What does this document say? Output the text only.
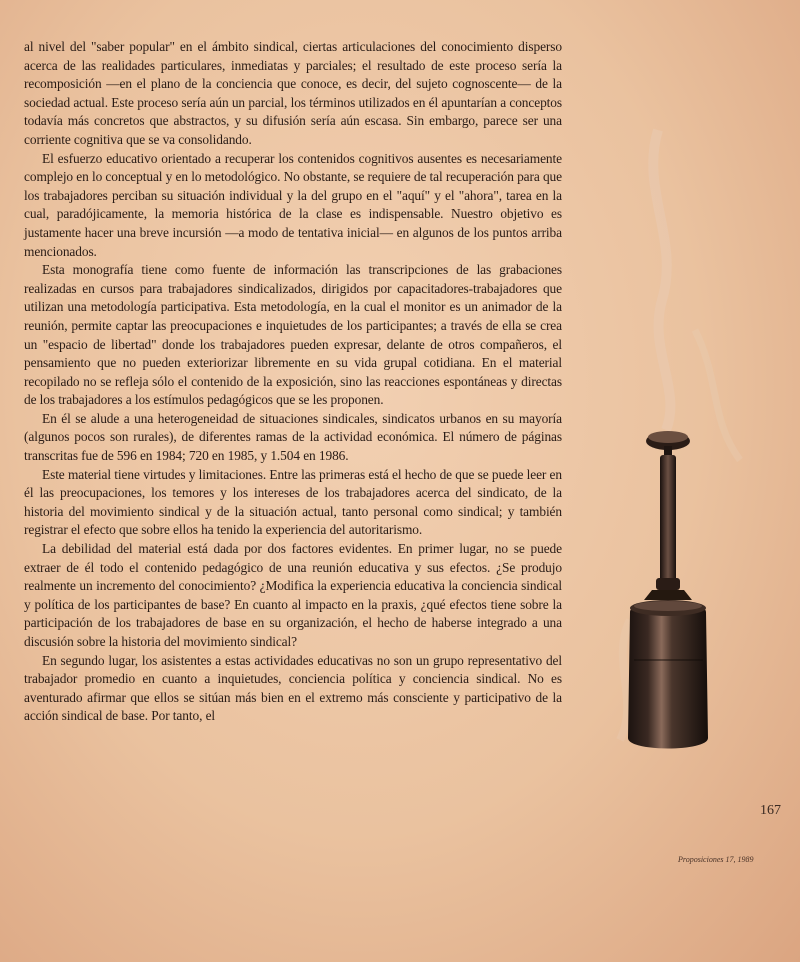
al nivel del "saber popular" en el ámbito sindical, ciertas articulaciones del conocimiento disperso acerca de las realidades particulares, inmediatas y parciales; el resultado de este proceso sería la recomposición —en el plano de la conciencia que conoce, es decir, del sujeto cognoscente— de la sociedad actual. Este proceso sería aún un parcial, los términos utilizados en él apuntarían a conceptos todavía más concretos que abstractos, y su difusión sería aún escasa. Sin embargo, parece ser una corriente cognitiva que se va consolidando.

El esfuerzo educativo orientado a recuperar los contenidos cognitivos ausentes es necesariamente complejo en lo conceptual y en lo metodológico. No obstante, se requiere de tal recuperación para que los trabajadores perciban su situación individual y la del grupo en el "aquí" y el "ahora", tarea en la cual, paradójicamente, la memoria histórica de la clase es indispensable. Nuestro objetivo es justamente hacer una breve incursión —a modo de tentativa inicial— en algunos de los puntos arriba mencionados.

Esta monografía tiene como fuente de información las transcripciones de las grabaciones realizadas en cursos para trabajadores sindicalizados, dirigidos por capacitadores-trabajadores que utilizan una metodología participativa. Esta metodología, en la cual el monitor es un animador de la reunión, permite captar las preocupaciones e inquietudes de los participantes; a través de ella se crea un "espacio de libertad" donde los trabajadores pueden expresar, delante de otros compañeros, el pensamiento que no pueden exteriorizar libremente en su vida grupal cotidiana. En el material recopilado no se refleja sólo el contenido de la exposición, sino las reacciones espontáneas y directas de los trabajadores a los estímulos pedagógicos que se les proponen.

En él se alude a una heterogeneidad de situaciones sindicales, sindicatos urbanos en su mayoría (algunos pocos son rurales), de diferentes ramas de la actividad económica. El número de páginas transcritas fue de 596 en 1984; 720 en 1985, y 1.504 en 1986.

Este material tiene virtudes y limitaciones. Entre las primeras está el hecho de que se puede leer en él las preocupaciones, los temores y los intereses de los trabajadores acerca del sindicato, de la historia del movimiento sindical y de la situación actual, tanto personal como sindical; y también registrar el efecto que sobre ellos ha tenido la experiencia del autoritarismo.

La debilidad del material está dada por dos factores evidentes. En primer lugar, no se puede extraer de él todo el contenido pedagógico de una reunión educativa y sus efectos. ¿Se produjo realmente un incremento del conocimiento? ¿Modifica la experiencia educativa la conciencia sindical y política de los participantes de base? En cuanto al impacto en la praxis, ¿qué efectos tiene sobre la participación de los trabajadores de base en su organización, el hecho de haberse integrado a una discusión sobre la historia del movimiento sindical?

En segundo lugar, los asistentes a estas actividades educativas no son un grupo representativo del trabajador promedio en cuanto a inquietudes, conciencia política y conciencia sindical. No es aventurado afirmar que ellos se sitúan más bien en el extremo más consciente y participativo de la acción sindical de base. Por tanto, el

167
Proposiciones 17, 1989
